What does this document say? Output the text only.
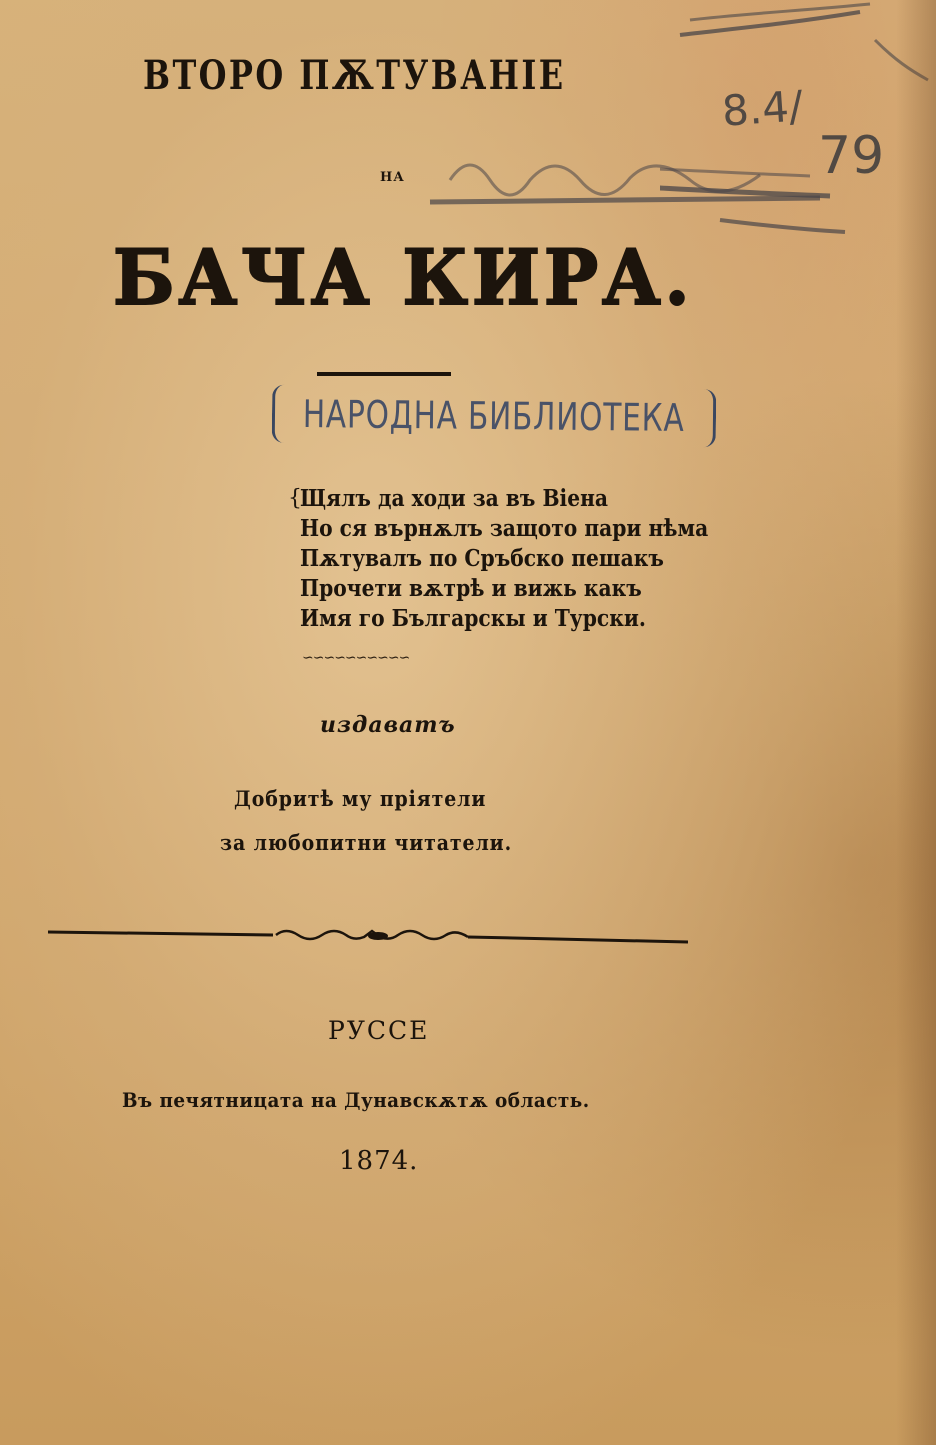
8.4/
79
ВТОРО ПѪТУВАНІЕ
НА
БАЧА КИРА.
НАРОДНА БИБЛИОТЕКА
{
Щялъ да ходи за въ Віена
Но ся върнѫлъ защото пари нѣма
Пѫтувалъ по Сръбско пешакъ
Прочети вѫтрѣ и вижь какъ
Имя го Българскы и Турски.
∽∽∽∽∽∽∽∽∽∽
издаватъ
Добритѣ му пріятели
за любопитни читатели.
РУССЕ
Въ печятницата на Дунавскѫтѫ область.
1874.
